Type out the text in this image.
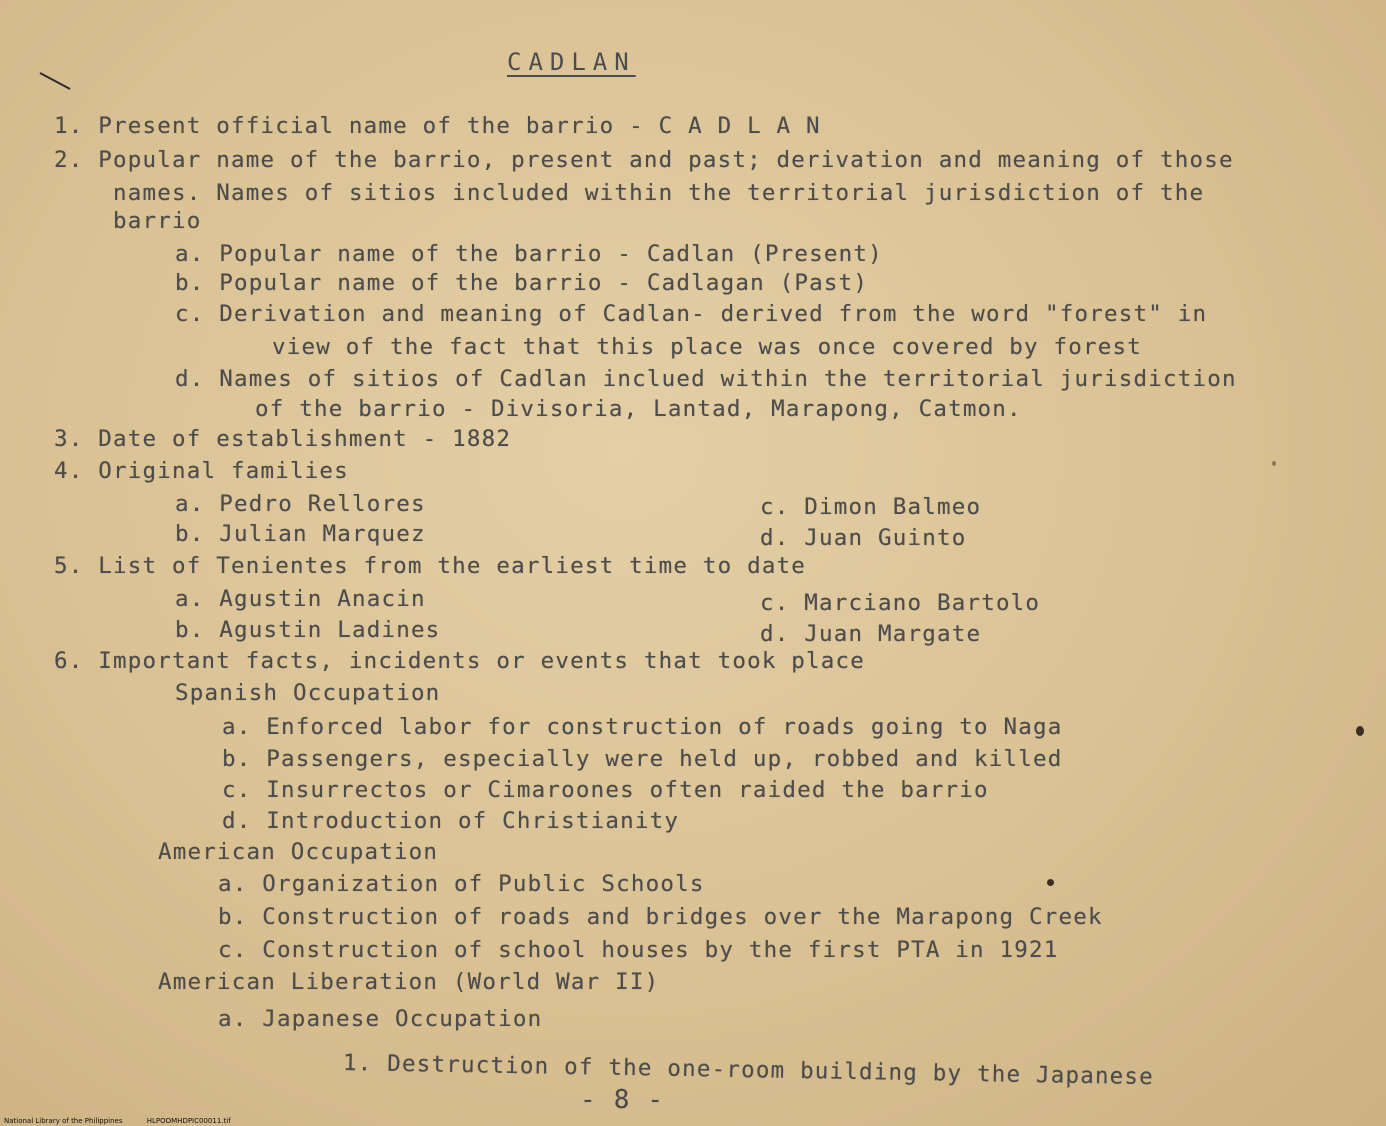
CADLAN
1. Present official name of the barrio - C A D L A N
2. Popular name of the barrio, present and past; derivation and meaning of those
names. Names of sitios included within the territorial jurisdiction of the
barrio
a. Popular name of the barrio - Cadlan (Present)
b. Popular name of the barrio - Cadlagan (Past)
c. Derivation and meaning of Cadlan- derived from the word "forest" in
view of the fact that this place was once covered by forest
d. Names of sitios of Cadlan inclued within the territorial jurisdiction
of the barrio - Divisoria, Lantad, Marapong, Catmon.
3. Date of establishment - 1882
4. Original families
a. Pedro Rellores	c. Dimon Balmeo
b. Julian Marquez	d. Juan Guinto
5. List of Tenientes from the earliest time to date
a. Agustin Anacin	c. Marciano Bartolo
b. Agustin Ladines	d. Juan Margate
6. Important facts, incidents or events that took place
Spanish Occupation
a. Enforced labor for construction of roads going to Naga
b. Passengers, especially were held up, robbed and killed
c. Insurrectos or Cimaroones often raided the barrio
d. Introduction of Christianity
American Occupation
a. Organization of Public Schools
b. Construction of roads and bridges over the Marapong Creek
c. Construction of school houses by the first PTA in 1921
American Liberation (World War II)
a. Japanese Occupation
1. Destruction of the one-room building by the Japanese
- 8 -
National Library of the Philippines	HLPOOMHDPIC00011.tif
